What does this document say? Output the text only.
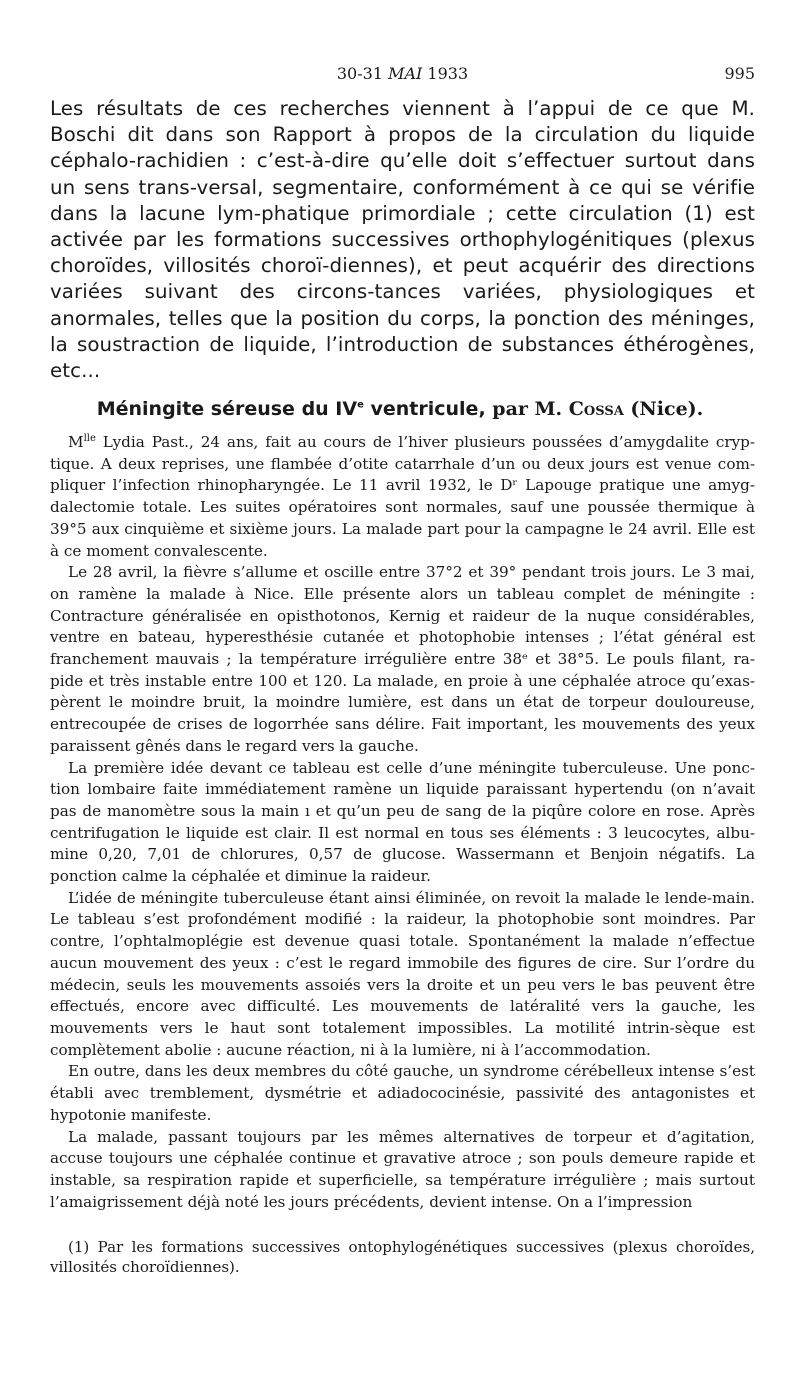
30-31 MAI 1933	995

Les résultats de ces recherches viennent à l’appui de ce que M. Boschi dit dans son Rapport à propos de la circulation du liquide céphalo-rachidien : c’est-à-dire qu’elle doit s’effectuer surtout dans un sens trans-versal, segmentaire, conformément à ce qui se vérifie dans la lacune lym-phatique primordiale ; cette circulation (1) est activée par les formations successives orthophylogénitiques (plexus choroïdes, villosités choroï-diennes), et peut acquérir des directions variées suivant des circons-tances variées, physiologiques et anormales, telles que la position du corps, la ponction des méninges, la soustraction de liquide, l’introduction de substances éthérogènes, etc...

Méningite séreuse du IVe ventricule, par M. Cossa (Nice).

$M^{lle}$ Lydia Past., 24 ans, fait au cours de l’hiver plusieurs poussées d’amygdalite cryp-tique. A deux reprises, une flambée d’otite catarrhale d’un ou deux jours est venue com-pliquer l’infection rhinopharyngée. Le 11 avril 1932, le Dʳ Lapouge pratique une amyg-dalectomie totale. Les suites opératoires sont normales, sauf une poussée thermique à 39°5 aux cinquième et sixième jours. La malade part pour la campagne le 24 avril. Elle est à ce moment convalescente.

Le 28 avril, la fièvre s’allume et oscille entre 37°2 et 39° pendant trois jours. Le 3 mai, on ramène la malade à Nice. Elle présente alors un tableau complet de méningite : Contracture généralisée en opisthotonos, Kernig et raideur de la nuque considérables, ventre en bateau, hyperesthésie cutanée et photophobie intenses ; l’état général est franchement mauvais ; la température irrégulière entre 38ᵉ et 38°5. Le pouls filant, ra-pide et très instable entre 100 et 120. La malade, en proie à une céphalée atroce qu’exas-pèrent le moindre bruit, la moindre lumière, est dans un état de torpeur douloureuse, entrecoupée de crises de logorrhée sans délire. Fait important, les mouvements des yeux paraissent gênés dans le regard vers la gauche.

La première idée devant ce tableau est celle d’une méningite tuberculeuse. Une ponc-tion lombaire faite immédiatement ramène un liquide paraissant hypertendu (on n’avait pas de manomètre sous la main ı et qu’un peu de sang de la piqûre colore en rose. Après centrifugation le liquide est clair. Il est normal en tous ses éléments : 3 leucocytes, albu-mine 0,20, 7,01 de chlorures, 0,57 de glucose. Wassermann et Benjoin négatifs. La ponction calme la céphalée et diminue la raideur.

L’idée de méningite tuberculeuse étant ainsi éliminée, on revoit la malade le lende-main. Le tableau s’est profondément modifié : la raideur, la photophobie sont moindres. Par contre, l’ophtalmoplégie est devenue quasi totale. Spontanément la malade n’effectue aucun mouvement des yeux : c’est le regard immobile des figures de cire. Sur l’ordre du médecin, seuls les mouvements assoiés vers la droite et un peu vers le bas peuvent être effectués, encore avec difficulté. Les mouvements de latéralité vers la gauche, les mouvements vers le haut sont totalement impossibles. La motilité intrin-sèque est complètement abolie : aucune réaction, ni à la lumière, ni à l’accommodation.

En outre, dans les deux membres du côté gauche, un syndrome cérébelleux intense s’est établi avec tremblement, dysmétrie et adiadococinésie, passivité des antagonistes et hypotonie manifeste.

La malade, passant toujours par les mêmes alternatives de torpeur et d’agitation, accuse toujours une céphalée continue et gravative atroce ; son pouls demeure rapide et instable, sa respiration rapide et superficielle, sa température irrégulière ; mais surtout l’amaigrissement déjà noté les jours précédents, devient intense. On a l’impression

(1) Par les formations successives ontophylogénétiques successives (plexus choroïdes, villosités choroïdiennes).
